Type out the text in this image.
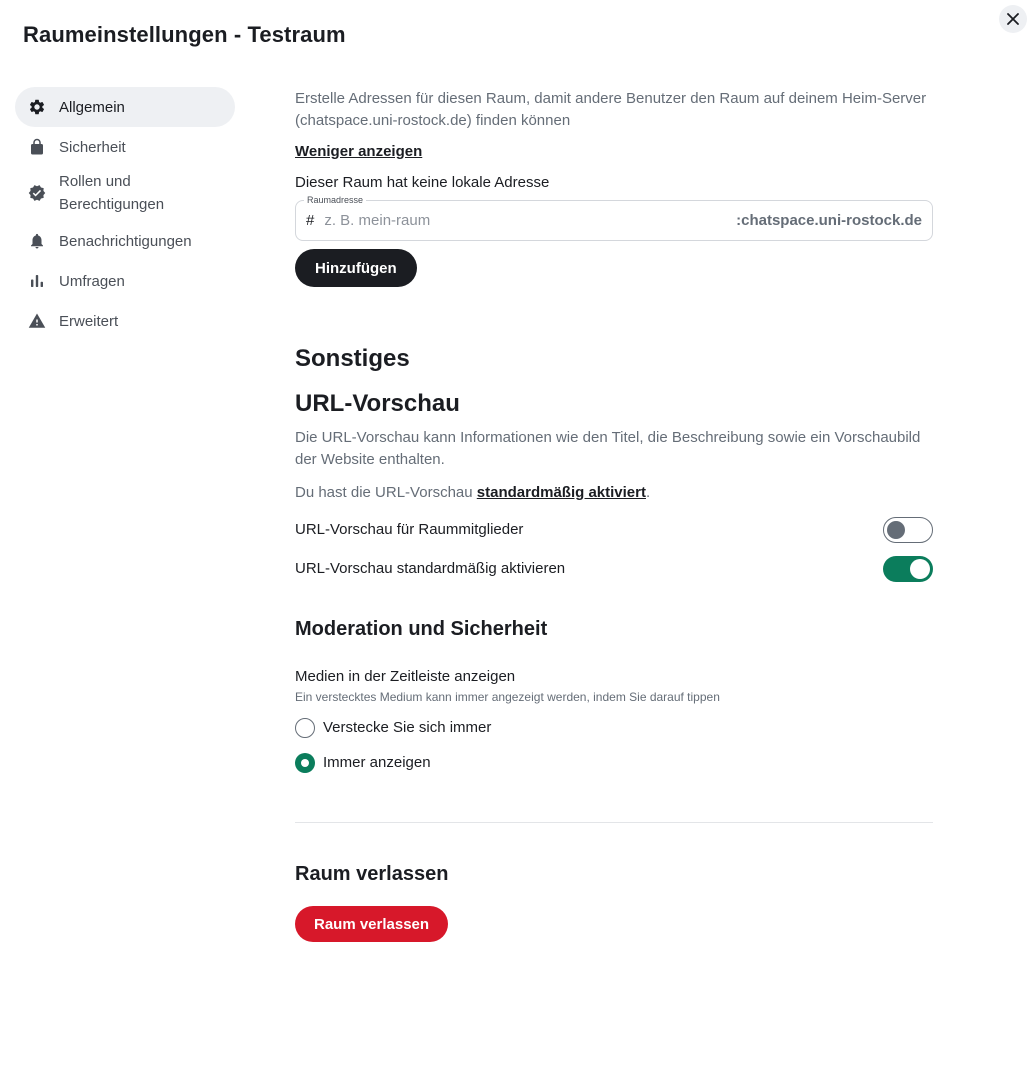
Raumeinstellungen - Testraum
Allgemein
Sicherheit
Rollen und Berechtigungen
Benachrichtigungen
Umfragen
Erweitert

Erstelle Adressen für diesen Raum, damit andere Benutzer den Raum auf deinem Heim-Server (chatspace.uni-rostock.de) finden können

Weniger anzeigen
Dieser Raum hat keine lokale Adresse
Raumadresse
#
z. B. mein-raum	:chatspace.uni-rostock.de
Hinzufügen
Sonstiges
URL-Vorschau

Die URL-Vorschau kann Informationen wie den Titel, die Beschreibung sowie ein Vorschaubild der Website enthalten.

Du hast die URL-Vorschau standardmäßig aktiviert.
URL-Vorschau für Raummitglieder
URL-Vorschau standardmäßig aktivieren
Moderation und Sicherheit
Medien in der Zeitleiste anzeigen
Ein verstecktes Medium kann immer angezeigt werden, indem Sie darauf tippen
Verstecke Sie sich immer
Immer anzeigen
Raum verlassen
Raum verlassen
